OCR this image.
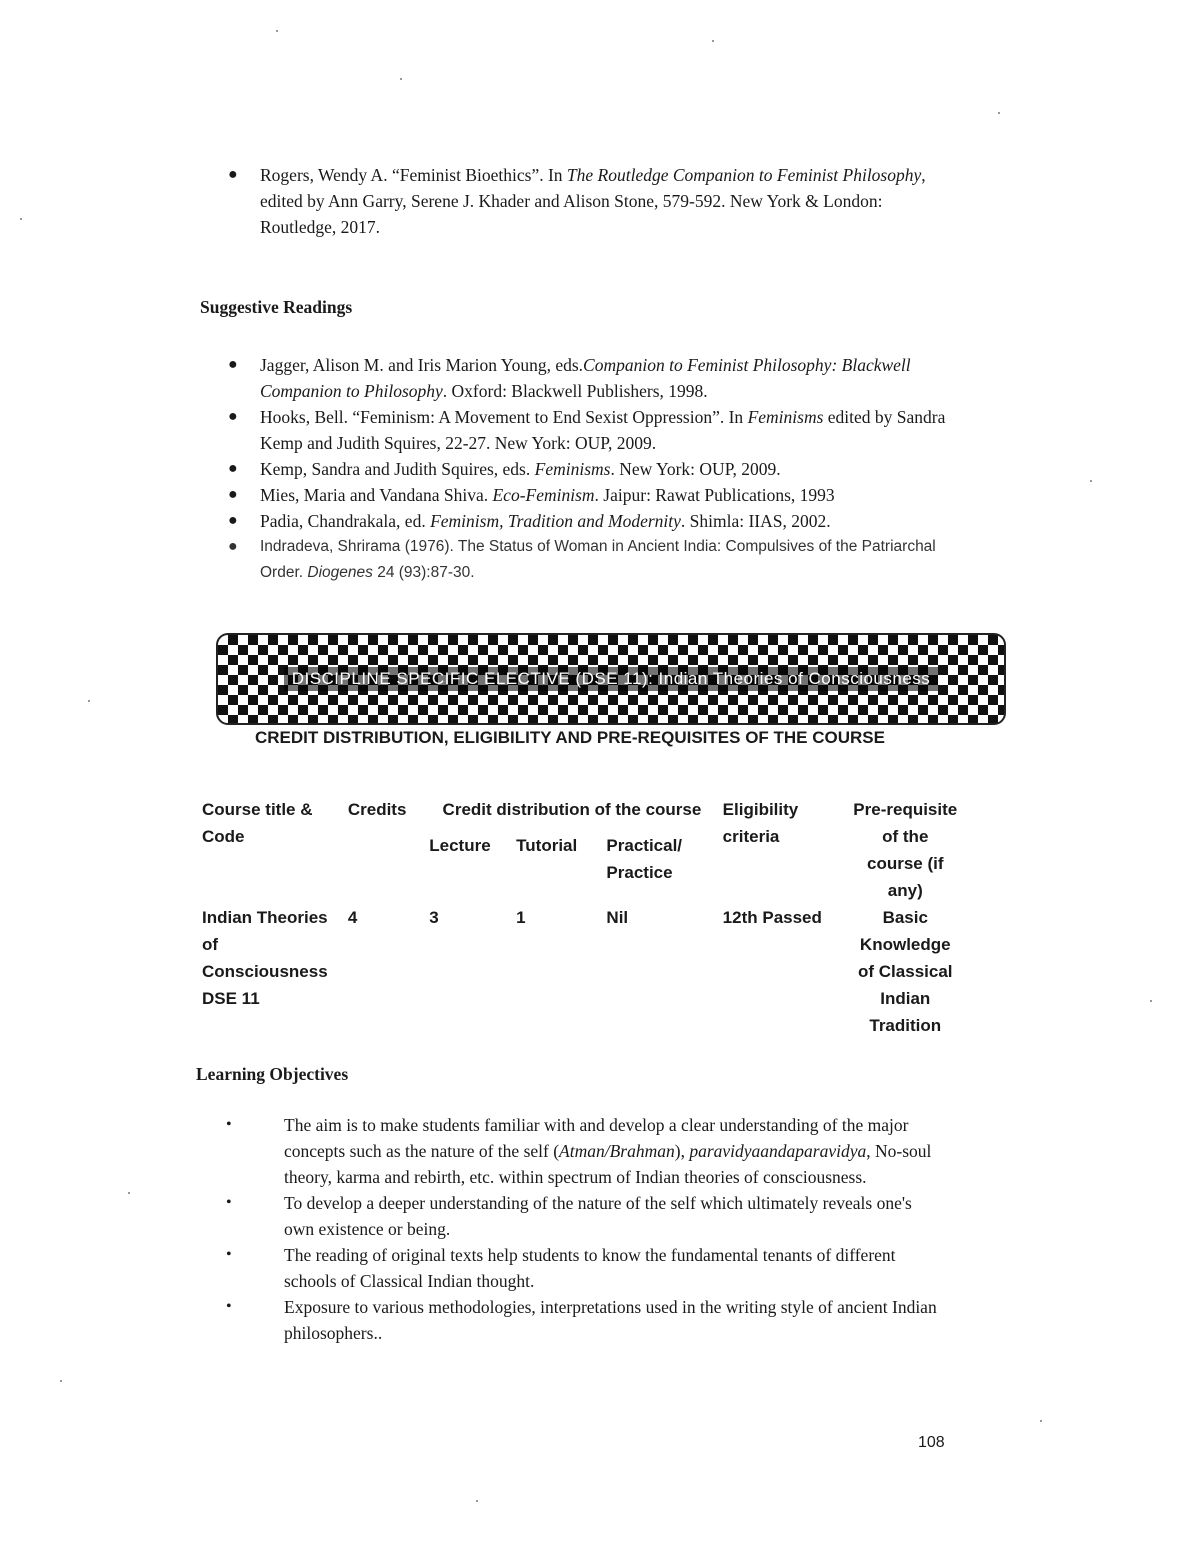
● Rogers, Wendy A. “Feminist Bioethics”. In The Routledge Companion to Feminist Philosophy, edited by Ann Garry, Serene J. Khader and Alison Stone, 579-592. New York & London: Routledge, 2017.
Suggestive Readings
● Jagger, Alison M. and Iris Marion Young, eds.Companion to Feminist Philosophy: Blackwell Companion to Philosophy. Oxford: Blackwell Publishers, 1998.
● Hooks, Bell. “Feminism: A Movement to End Sexist Oppression”. In Feminisms edited by Sandra Kemp and Judith Squires, 22-27. New York: OUP, 2009.
● Kemp, Sandra and Judith Squires, eds. Feminisms. New York: OUP, 2009.
● Mies, Maria and Vandana Shiva. Eco-Feminism. Jaipur: Rawat Publications, 1993
● Padia, Chandrakala, ed. Feminism, Tradition and Modernity. Shimla: IIAS, 2002.
● Indradeva, Shrirama (1976). The Status of Woman in Ancient India: Compulsives of the Patriarchal Order. Diogenes 24 (93):87-30.
DISCIPLINE SPECIFIC ELECTIVE (DSE 11): Indian Theories of Consciousness
CREDIT DISTRIBUTION, ELIGIBILITY AND PRE-REQUISITES OF THE COURSE
Course title & Code	Credits	Credit distribution of the course			Eligibility criteria	Pre-requisite of the course (if any)
		Lecture	Tutorial	Practical/ Practice		
Indian Theories of Consciousness DSE 11	4	3	1	Nil	12th Passed	Basic Knowledge of Classical Indian Tradition
Learning Objectives
•	The aim is to make students familiar with and develop a clear understanding of the major concepts such as the nature of the self (Atman/Brahman), paravidyaandaparavidya, No-soul theory, karma and rebirth, etc. within spectrum of Indian theories of consciousness.
•	To develop a deeper understanding of the nature of the self which ultimately reveals one's own existence or being.
•	The reading of original texts help students to know the fundamental tenants of different schools of Classical Indian thought.
•	Exposure to various methodologies, interpretations used in the writing style of ancient Indian philosophers..
108
